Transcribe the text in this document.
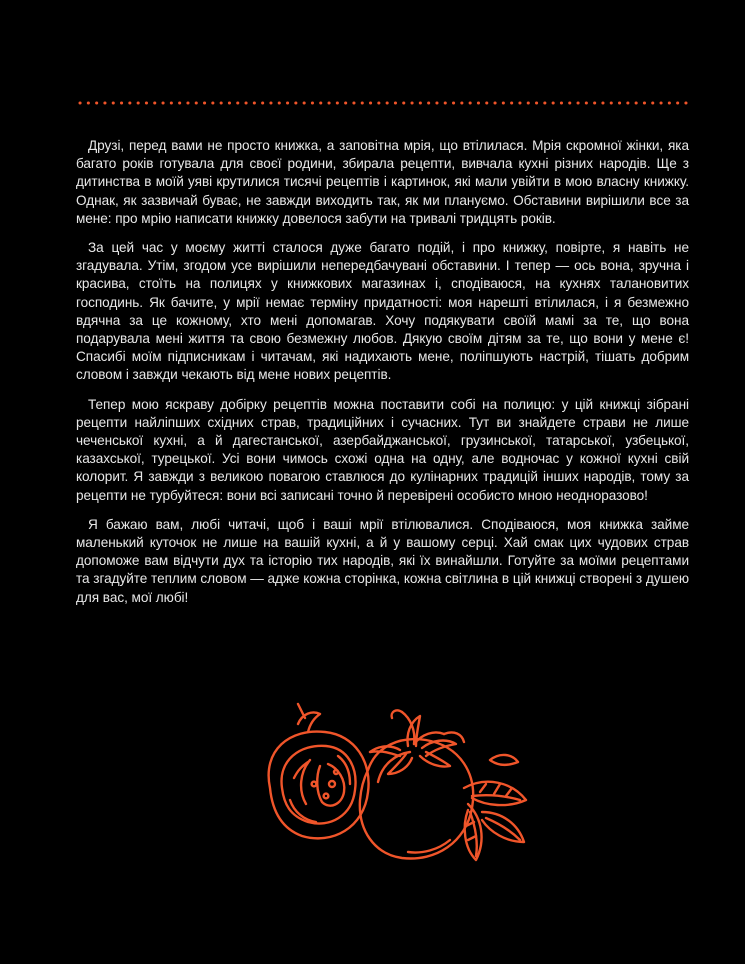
Друзі, перед вами не просто книжка, а заповітна мрія, що втілилася. Мрія скромної жінки, яка багато років готувала для своєї родини, збирала рецепти, вивчала кухні різних народів. Ще з дитинства в моїй уяві крутилися тисячі рецептів і картинок, які мали увійти в мою власну книжку. Однак, як зазвичай буває, не завжди виходить так, як ми плануємо. Обставини вирішили все за мене: про мрію написати книжку довелося забути на тривалі тридцять років.

За цей час у моєму житті сталося дуже багато подій, і про книжку, повірте, я навіть не згадувала. Утім, згодом усе вирішили непередбачувані обставини. І тепер — ось вона, зручна і красива, стоїть на полицях у книжкових магазинах і, сподіваюся, на кухнях талановитих господинь. Як бачите, у мрії немає терміну придатності: моя нарешті втілилася, і я безмежно вдячна за це кожному, хто мені допомагав. Хочу подякувати своїй мамі за те, що вона подарувала мені життя та свою безмежну любов. Дякую своїм дітям за те, що вони у мене є! Спасибі моїм підписникам і читачам, які надихають мене, поліпшують настрій, тішать добрим словом і завжди чекають від мене нових рецептів.

Тепер мою яскраву добірку рецептів можна поставити собі на полицю: у цій книжці зібрані рецепти найліпших східних страв, традиційних і сучасних. Тут ви знайдете страви не лише чеченської кухні, а й дагестанської, азербайджанської, грузинської, татарської, узбецької, казахської, турецької. Усі вони чимось схожі одна на одну, але водночас у кожної кухні свій колорит. Я завжди з великою повагою ставлюся до кулінарних традицій інших народів, тому за рецепти не турбуйтеся: вони всі записані точно й перевірені особисто мною неодноразово!

Я бажаю вам, любі читачі, щоб і ваші мрії втілювалися. Сподіваюся, моя книжка займе маленький куточок не лише на вашій кухні, а й у вашому серці. Хай смак цих чудових страв допоможе вам відчути дух та історію тих народів, які їх винайшли. Готуйте за моїми рецептами та згадуйте теплим словом — адже кожна сторінка, кожна світлина в цій книжці створені з душею для вас, мої любі!
